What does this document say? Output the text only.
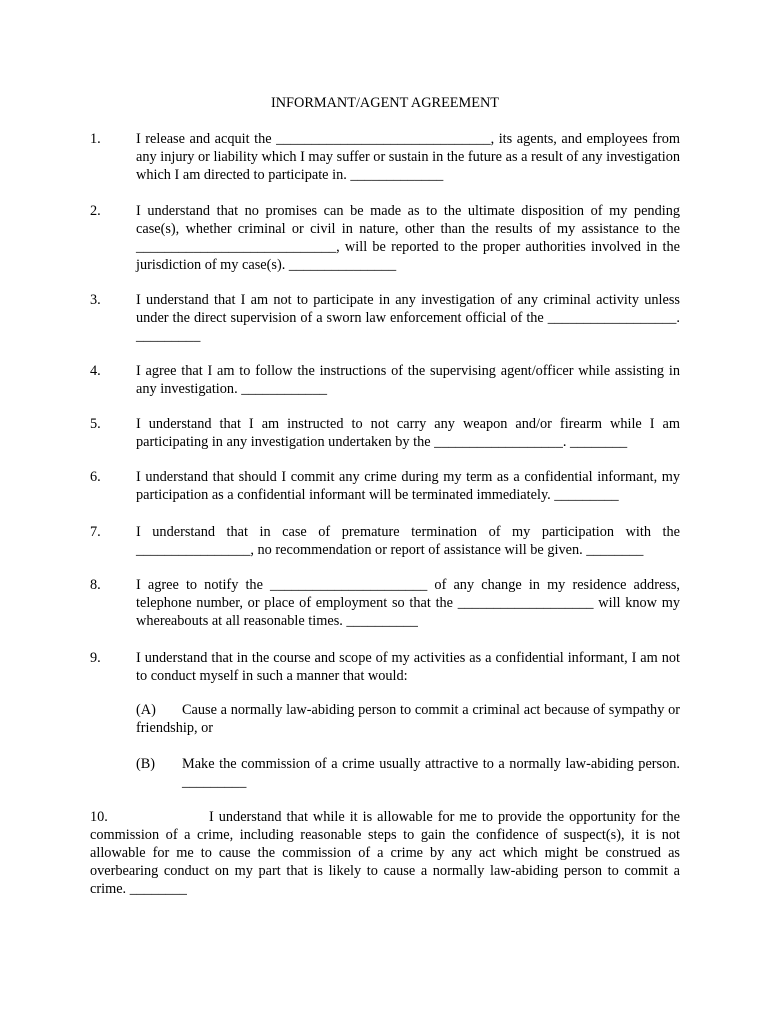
INFORMANT/AGENT AGREEMENT
1.	I release and acquit the ______________________________, its agents, and employees from any injury or liability which I may suffer or sustain in the future as a result of any investigation which I am directed to participate in. _____________
2.	I understand that no promises can be made as to the ultimate disposition of my pending case(s), whether criminal or civil in nature, other than the results of my assistance to the ____________________________, will be reported to the proper authorities involved in the jurisdiction of my case(s). _______________
3.	I understand that I am not to participate in any investigation of any criminal activity unless under the direct supervision of a sworn law enforcement official of the __________________. _________
4.	I agree that I am to follow the instructions of the supervising agent/officer while assisting in any investigation. ____________
5.	I understand that I am instructed to not carry any weapon and/or firearm while I am participating in any investigation undertaken by the __________________. ________
6.	I understand that should I commit any crime during my term as a confidential informant, my participation as a confidential informant will be terminated immediately. _________
7.	I understand that in case of premature termination of my participation with the ________________, no recommendation or report of assistance will be given. ________
8.	I agree to notify the ______________________ of any change in my residence address, telephone number, or place of employment so that the ___________________ will know my whereabouts at all reasonable times. __________
9.	I understand that in the course and scope of my activities as a confidential informant, I am not to conduct myself in such a manner that would:
(A)	Cause a normally law-abiding person to commit a criminal act because of sympathy or friendship, or
(B) Make the commission of a crime usually attractive to a normally law-abiding person. _________
10.	I understand that while it is allowable for me to provide the opportunity for the commission of a crime, including reasonable steps to gain the confidence of suspect(s), it is not allowable for me to cause the commission of a crime by any act which might be construed as overbearing conduct on my part that is likely to cause a normally law-abiding person to commit a crime. ________
